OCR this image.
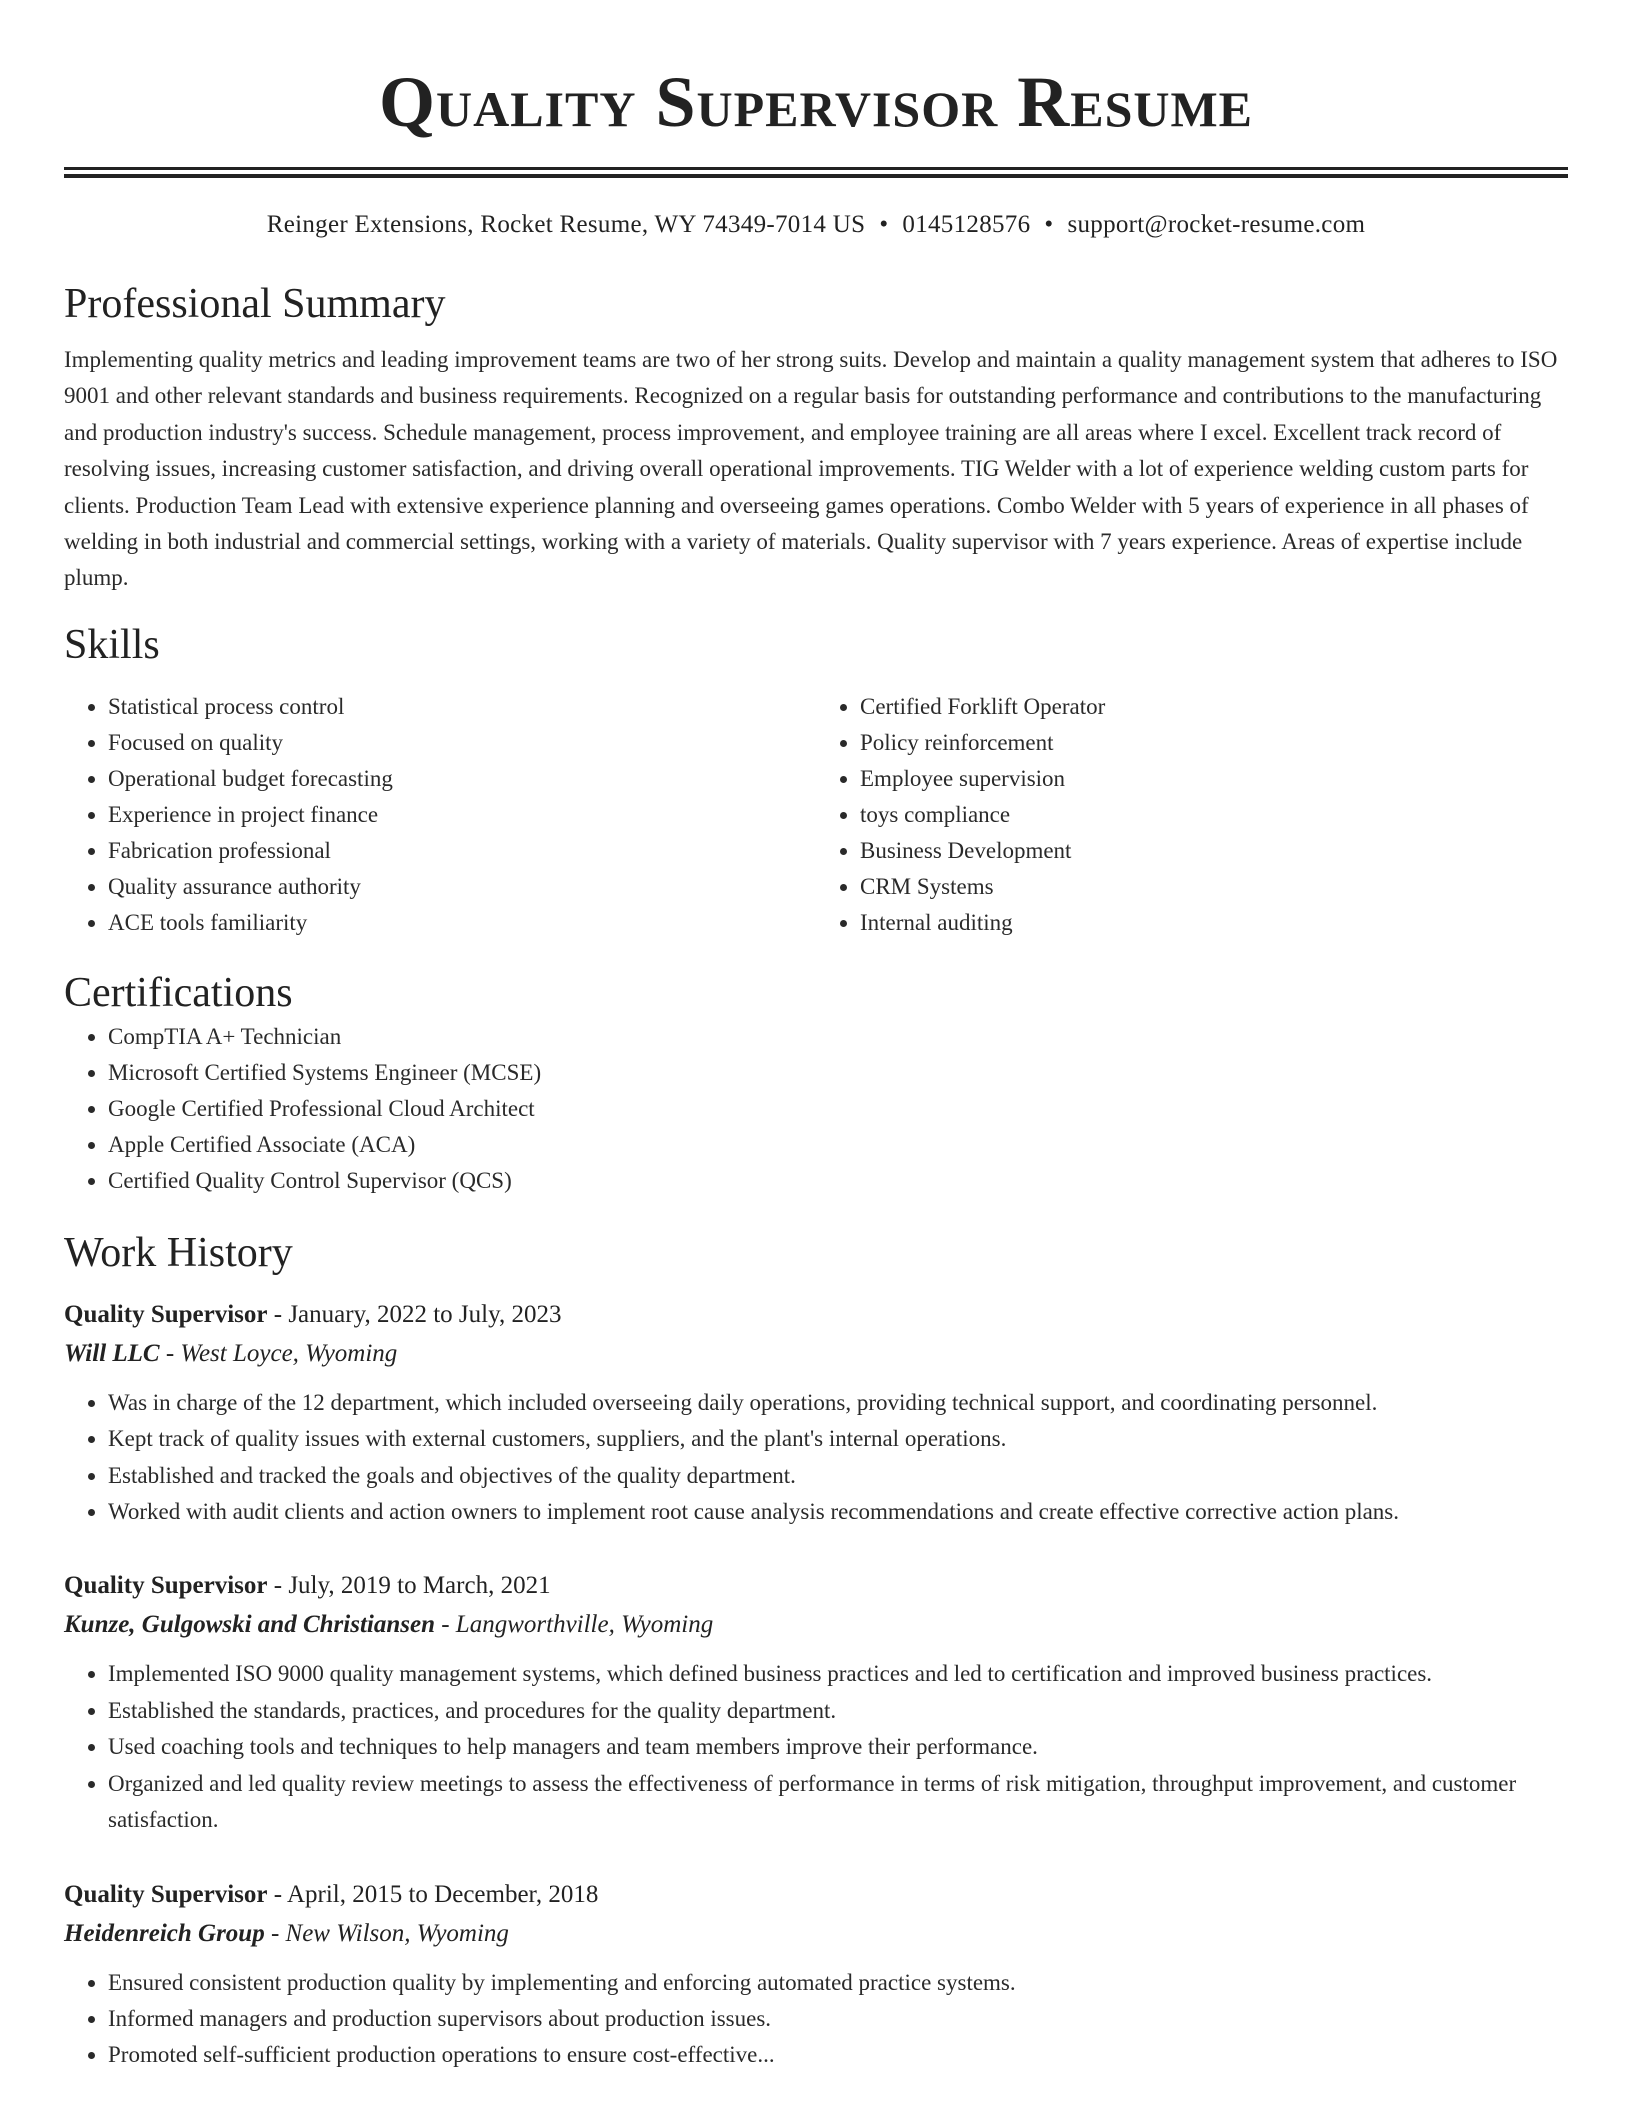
Quality Supervisor Resume
Reinger Extensions, Rocket Resume, WY 74349-7014 US • 0145128576 • support@rocket-resume.com
Professional Summary

Implementing quality metrics and leading improvement teams are two of her strong suits. Develop and maintain a quality management system that adheres to ISO 9001 and other relevant standards and business requirements. Recognized on a regular basis for outstanding performance and contributions to the manufacturing and production industry's success. Schedule management, process improvement, and employee training are all areas where I excel. Excellent track record of resolving issues, increasing customer satisfaction, and driving overall operational improvements. TIG Welder with a lot of experience welding custom parts for clients. Production Team Lead with extensive experience planning and overseeing games operations. Combo Welder with 5 years of experience in all phases of welding in both industrial and commercial settings, working with a variety of materials. Quality supervisor with 7 years experience. Areas of expertise include plump.

Skills
• Statistical process control
• Focused on quality
• Operational budget forecasting
• Experience in project finance
• Fabrication professional
• Quality assurance authority
• ACE tools familiarity
• Certified Forklift Operator
• Policy reinforcement
• Employee supervision
• toys compliance
• Business Development
• CRM Systems
• Internal auditing
Certifications
• CompTIA A+ Technician
• Microsoft Certified Systems Engineer (MCSE)
• Google Certified Professional Cloud Architect
• Apple Certified Associate (ACA)
• Certified Quality Control Supervisor (QCS)
Work History
Quality Supervisor - January, 2022 to July, 2023
Will LLC - West Loyce, Wyoming
• Was in charge of the 12 department, which included overseeing daily operations, providing technical support, and coordinating personnel.
• Kept track of quality issues with external customers, suppliers, and the plant's internal operations.
• Established and tracked the goals and objectives of the quality department.
• Worked with audit clients and action owners to implement root cause analysis recommendations and create effective corrective action plans.
Quality Supervisor - July, 2019 to March, 2021
Kunze, Gulgowski and Christiansen - Langworthville, Wyoming
• Implemented ISO 9000 quality management systems, which defined business practices and led to certification and improved business practices.
• Established the standards, practices, and procedures for the quality department.
• Used coaching tools and techniques to help managers and team members improve their performance.
• Organized and led quality review meetings to assess the effectiveness of performance in terms of risk mitigation, throughput improvement, and customer satisfaction.
Quality Supervisor - April, 2015 to December, 2018
Heidenreich Group - New Wilson, Wyoming
• Ensured consistent production quality by implementing and enforcing automated practice systems.
• Informed managers and production supervisors about production issues.
• Promoted self-sufficient production operations to ensure cost-effective...
